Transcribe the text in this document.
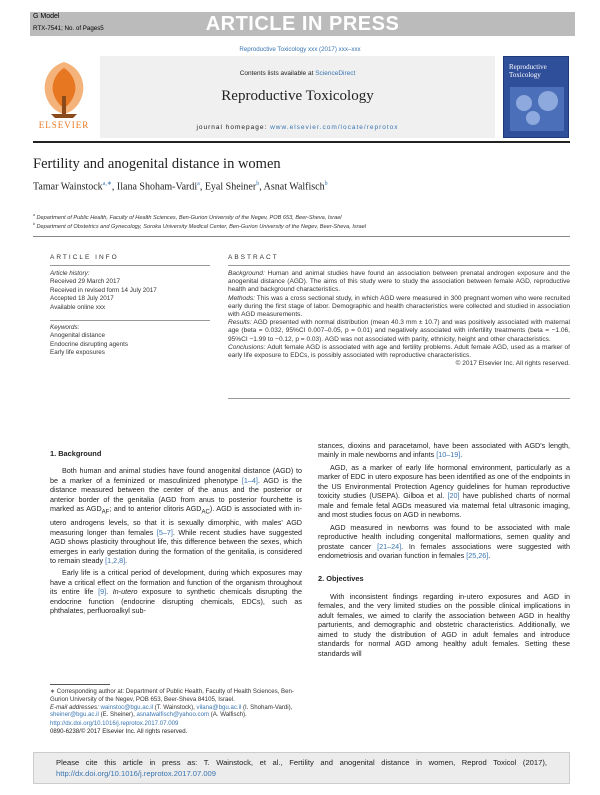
ARTICLE IN PRESS
G Model
RTX-7541; No. of Pages5
Reproductive Toxicology xxx (2017) xxx–xxx
ELSEVIER
Contents lists available at ScienceDirect
Reproductive Toxicology
journal homepage: www.elsevier.com/locate/reprotox
Reproductive Toxicology
Fertility and anogenital distance in women
Tamar Wainstock$^{a,∗}$, Ilana Shoham-Vardi$^a$, Eyal Sheiner$^b$, Asnat Walfisch$^b$
$^a$ Department of Public Health, Faculty of Health Sciences, Ben-Gurion University of the Negev, POB 653, Beer-Sheva, Israel
$^b$ Department of Obstetrics and Gynecology, Soroka University Medical Center, Ben-Gurion University of the Negev, Beer-Sheva, Israel
ARTICLE INFO	ABSTRACT
Article history:
Received 29 March 2017
Received in revised form 14 July 2017
Accepted 18 July 2017
Available online xxx
Keywords:
Anogenital distance
Endocrine disrupting agents
Early life exposures

Background: Human and animal studies have found an association between prenatal androgen exposure and the anogenital distance (AGD). The aims of this study were to study the association between female AGD, reproductive health and background characteristics.

Methods: This was a cross sectional study, in which AGD were measured in 300 pregnant women who were recruited early during the first stage of labor. Demographic and health characteristics were collected and studied in association with AGD measurements.

Results: AGD presented with normal distribution (mean 40.3 mm ± 10.7) and was positively associated with maternal age (beta = 0.032, 95%CI 0.007–0.05, p = 0.01) and negatively associated with infertility treatments (beta = −1.06, 95%CI −1.99 to −0.12, p = 0.03). AGD was not associated with parity, ethnicity, height and other characteristics.

Conclusions: Adult female AGD is associated with age and fertility problems. Adult female AGD, used as a marker of early life exposure to EDCs, is possibly associated with reproductive characteristics.

© 2017 Elsevier Inc. All rights reserved.

1. Background

Both human and animal studies have found anogenital distance (AGD) to be a marker of a feminized or masculinized phenotype [1–4]. AGD is the distance measured between the center of the anus and the posterior or anterior border of the genitalia (AGD from anus to posterior fourchette is marked as $AGD_{AF}$; and to anterior clitoris $AGD_{AC}$). AGD is associated with in-utero androgens levels, so that it is sexually dimorphic, with males' AGD measuring longer than females [5–7]. While recent studies have suggested AGD shows plasticity throughout life, this difference between the sexes, which emerges in early gestation during the formation of the genitalia, is considered to remain steady [1,2,8].

Early life is a critical period of development, during which exposures may have a critical effect on the formation and function of the organism throughout its entire life [9]. In-utero exposure to synthetic chemicals disrupting the endocrine function (endocrine disrupting chemicals, EDCs), such as phthalates, perfluoroalkyl sub-

stances, dioxins and paracetamol, have been associated with AGD's length, mainly in male newborns and infants [10–19].

AGD, as a marker of early life hormonal environment, particularly as a marker of EDC in utero exposure has been identified as one of the endpoints in the US Environmental Protection Agency guidelines for human reproductive toxicity studies (USEPA). Gilboa et al. [20] have published charts of normal male and female fetal AGDs measured via maternal fetal ultrasonic imaging, and most studies focus on AGD in newborns.

AGD measured in newborns was found to be associated with male reproductive health including congenital malformations, semen quality and prostate cancer [21–24]. In females associations were suggested with endometriosis and ovarian function in females [25,26].

2. Objectives

With inconsistent findings regarding in-utero exposures and AGD in females, and the very limited studies on the possible clinical implications in adult females, we aimed to clarify the association between AGD in healthy parturients, and demographic and obstetric characteristics. Additionally, we aimed to study the distribution of AGD in adult females and introduce standards for normal AGD among healthy adult females. Setting these standards will

∗ Corresponding author at: Department of Public Health, Faculty of Health Sciences, Ben-Gurion University of the Negev, POB 653, Beer-Sheva 84105, Israel.
E-mail addresses: wainstoc@bgu.ac.il (T. Wainstock), vilana@bgu.ac.il (I. Shoham-Vardi), sheiner@bgu.ac.il (E. Sheiner), asnatwalfisch@yahoo.com (A. Walfisch).
http://dx.doi.org/10.1016/j.reprotox.2017.07.009
0890-6238/© 2017 Elsevier Inc. All rights reserved.
Please cite this article in press as: T. Wainstock, et al., Fertility and anogenital distance in women, Reprod Toxicol (2017), http://dx.doi.org/10.1016/j.reprotox.2017.07.009
